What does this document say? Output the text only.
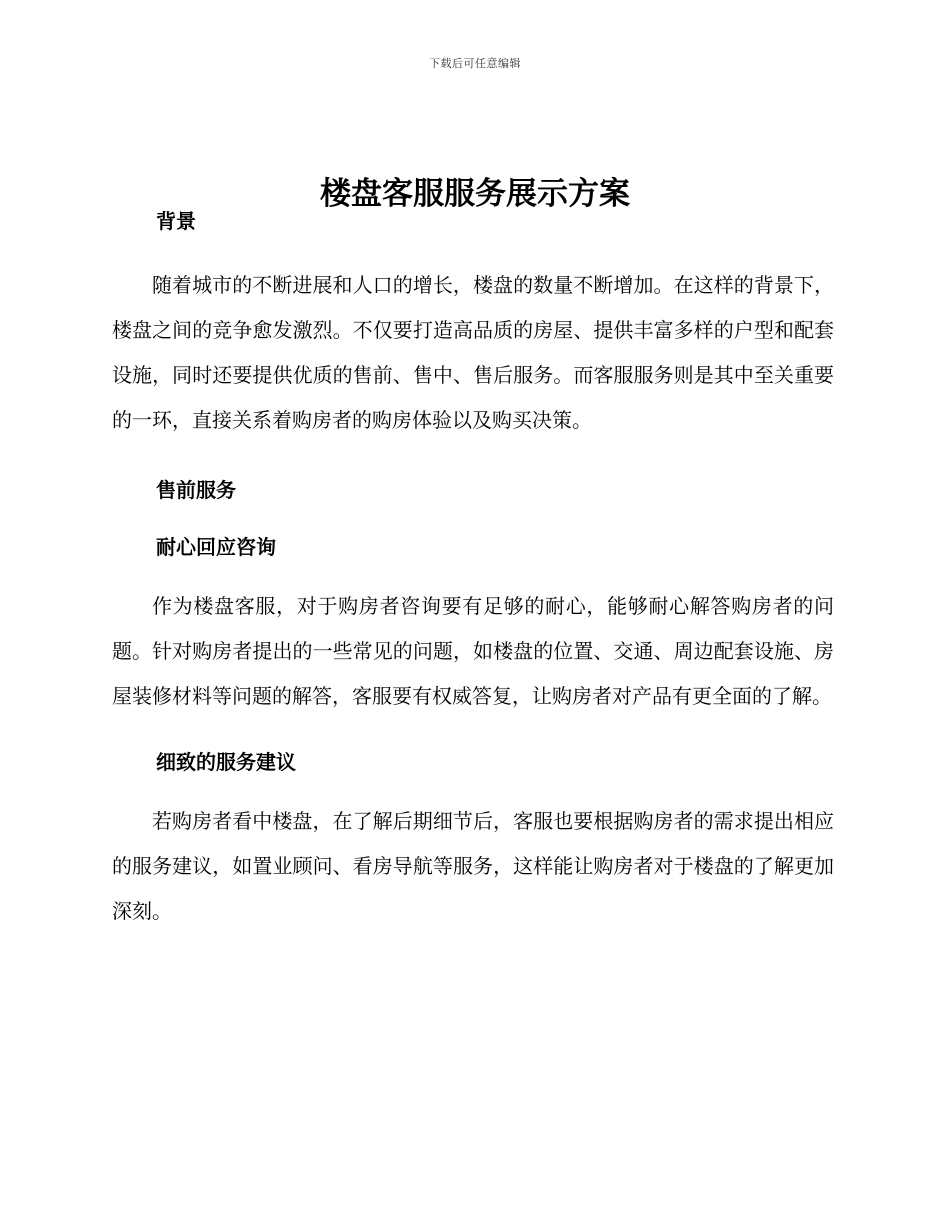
下载后可任意编辑
楼盘客服服务展示方案
背景

随着城市的不断进展和人口的增长，楼盘的数量不断增加。在这样的背景下，楼盘之间的竞争愈发激烈。不仅要打造高品质的房屋、提供丰富多样的户型和配套设施，同时还要提供优质的售前、售中、售后服务。而客服服务则是其中至关重要的一环，直接关系着购房者的购房体验以及购买决策。

售前服务
耐心回应咨询

作为楼盘客服，对于购房者咨询要有足够的耐心，能够耐心解答购房者的问题。针对购房者提出的一些常见的问题，如楼盘的位置、交通、周边配套设施、房屋装修材料等问题的解答，客服要有权威答复，让购房者对产品有更全面的了解。

细致的服务建议

若购房者看中楼盘，在了解后期细节后，客服也要根据购房者的需求提出相应的服务建议，如置业顾问、看房导航等服务，这样能让购房者对于楼盘的了解更加深刻。
